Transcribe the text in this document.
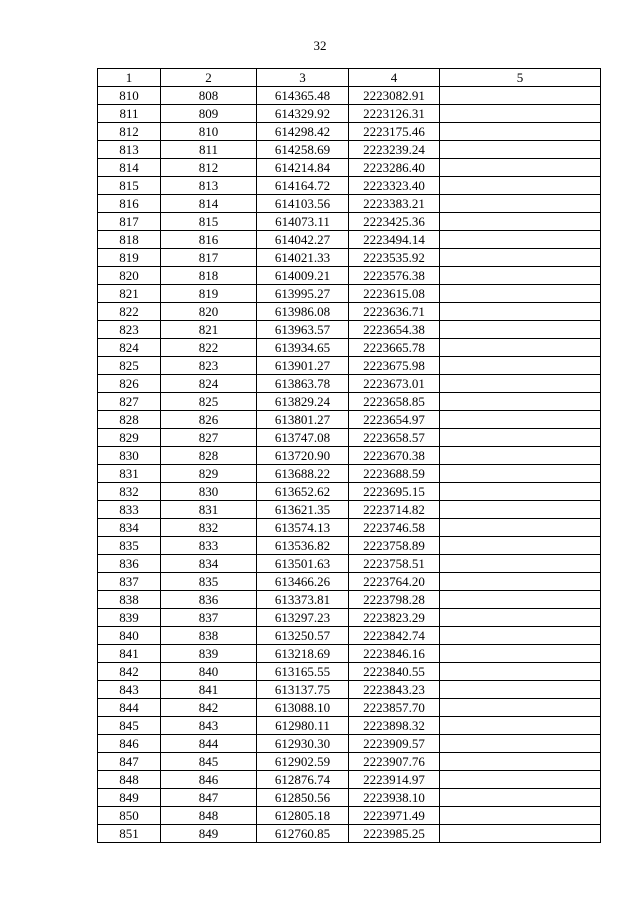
32
1	2	3	4	5
810	808	614365.48	2223082.91	
811	809	614329.92	2223126.31	
812	810	614298.42	2223175.46	
813	811	614258.69	2223239.24	
814	812	614214.84	2223286.40	
815	813	614164.72	2223323.40	
816	814	614103.56	2223383.21	
817	815	614073.11	2223425.36	
818	816	614042.27	2223494.14	
819	817	614021.33	2223535.92	
820	818	614009.21	2223576.38	
821	819	613995.27	2223615.08	
822	820	613986.08	2223636.71	
823	821	613963.57	2223654.38	
824	822	613934.65	2223665.78	
825	823	613901.27	2223675.98	
826	824	613863.78	2223673.01	
827	825	613829.24	2223658.85	
828	826	613801.27	2223654.97	
829	827	613747.08	2223658.57	
830	828	613720.90	2223670.38	
831	829	613688.22	2223688.59	
832	830	613652.62	2223695.15	
833	831	613621.35	2223714.82	
834	832	613574.13	2223746.58	
835	833	613536.82	2223758.89	
836	834	613501.63	2223758.51	
837	835	613466.26	2223764.20	
838	836	613373.81	2223798.28	
839	837	613297.23	2223823.29	
840	838	613250.57	2223842.74	
841	839	613218.69	2223846.16	
842	840	613165.55	2223840.55	
843	841	613137.75	2223843.23	
844	842	613088.10	2223857.70	
845	843	612980.11	2223898.32	
846	844	612930.30	2223909.57	
847	845	612902.59	2223907.76	
848	846	612876.74	2223914.97	
849	847	612850.56	2223938.10	
850	848	612805.18	2223971.49	
851	849	612760.85	2223985.25	
